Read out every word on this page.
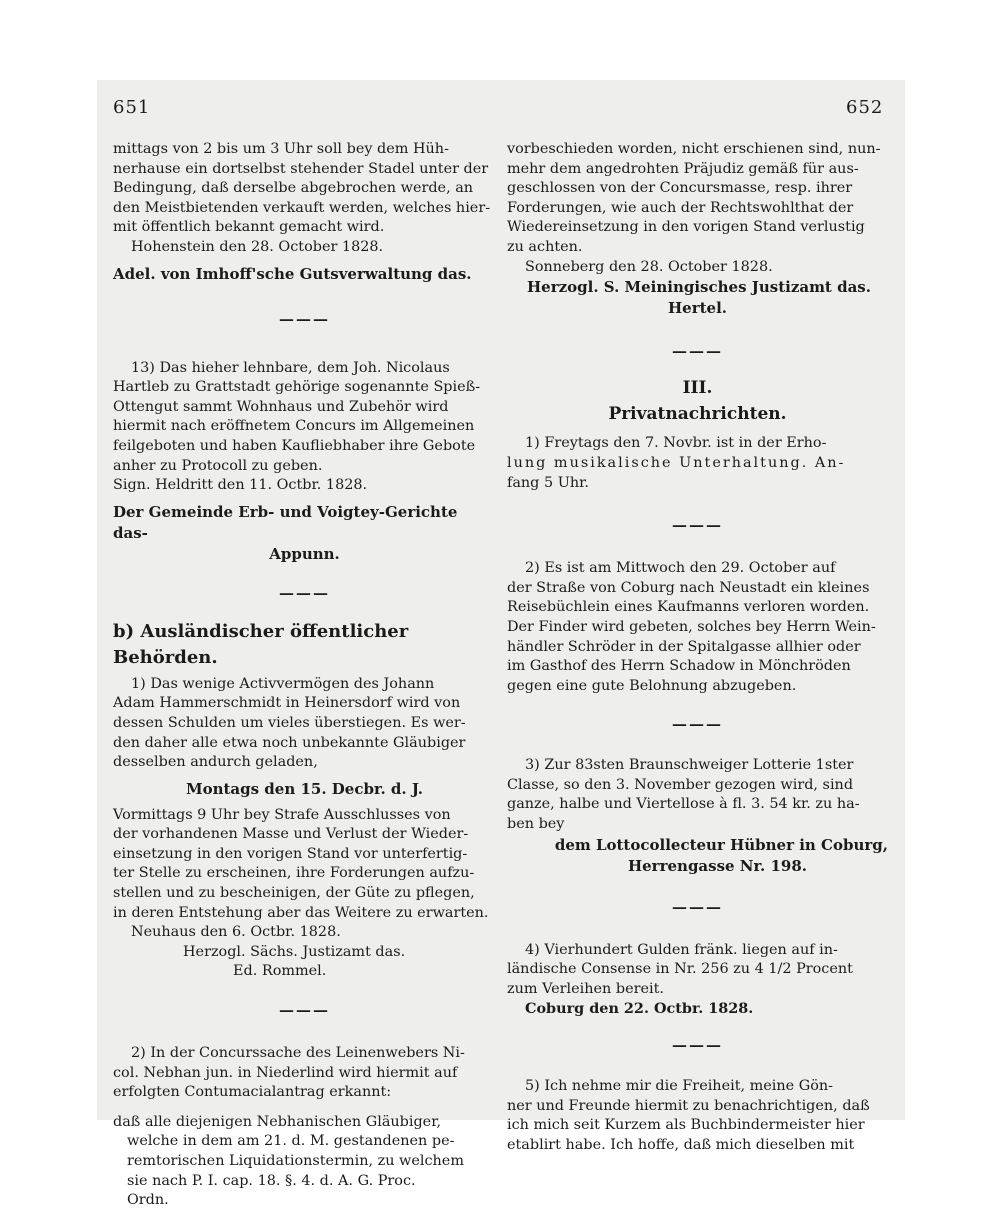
651	652

mittags von 2 bis um 3 Uhr soll bey dem Hüh-

nerhause ein dortselbst stehender Stadel unter der

Bedingung, daß derselbe abgebrochen werde, an

den Meistbietenden verkauft werden, welches hier-

mit öffentlich bekannt gemacht wird.

Hohenstein den 28. October 1828.

Adel. von Imhoff'sche Gutsverwaltung das.

———

13) Das hieher lehnbare, dem Joh. Nicolaus

Hartleb zu Grattstadt gehörige sogenannte Spieß-

Ottengut sammt Wohnhaus und Zubehör wird

hiermit nach eröffnetem Concurs im Allgemeinen

feilgeboten und haben Kaufliebhaber ihre Gebote

anher zu Protocoll zu geben.

Sign. Heldritt den 11. Octbr. 1828.

Der Gemeinde Erb- und Voigtey-Gerichte das-

Appunn.

———
b) Ausländischer öffentlicher Behörden.

1) Das wenige Activvermögen des Johann

Adam Hammerschmidt in Heinersdorf wird von

dessen Schulden um vieles überstiegen. Es wer-

den daher alle etwa noch unbekannte Gläubiger

desselben andurch geladen,

Montags den 15. Decbr. d. J.

Vormittags 9 Uhr bey Strafe Ausschlusses von

der vorhandenen Masse und Verlust der Wieder-

einsetzung in den vorigen Stand vor unterfertig-

ter Stelle zu erscheinen, ihre Forderungen aufzu-

stellen und zu bescheinigen, der Güte zu pflegen,

in deren Entstehung aber das Weitere zu erwarten.

Neuhaus den 6. Octbr. 1828.

Herzogl. Sächs. Justizamt das.

Ed. Rommel.

———

2) In der Concurssache des Leinenwebers Ni-

col. Nebhan jun. in Niederlind wird hiermit auf

erfolgten Contumacialantrag erkannt:

daß alle diejenigen Nebhanischen Gläubiger,

welche in dem am 21. d. M. gestandenen pe-

remtorischen Liquidationstermin, zu welchem

sie nach P. I. cap. 18. §. 4. d. A. G. Proc.

Ordn.

vorbeschieden worden, nicht erschienen sind, nun-

mehr dem angedrohten Präjudiz gemäß für aus-

geschlossen von der Concursmasse, resp. ihrer

Forderungen, wie auch der Rechtswohlthat der

Wiedereinsetzung in den vorigen Stand verlustig

zu achten.

Sonneberg den 28. October 1828.

Herzogl. S. Meiningisches Justizamt das.

Hertel.

———
III.
Privatnachrichten.

1) Freytags den 7. Novbr. ist in der Erho-

lung musikalische Unterhaltung. An-

fang 5 Uhr.

———

2) Es ist am Mittwoch den 29. October auf

der Straße von Coburg nach Neustadt ein kleines

Reisebüchlein eines Kaufmanns verloren worden.

Der Finder wird gebeten, solches bey Herrn Wein-

händler Schröder in der Spitalgasse allhier oder

im Gasthof des Herrn Schadow in Mönchröden

gegen eine gute Belohnung abzugeben.

———

3) Zur 83sten Braunschweiger Lotterie 1ster

Classe, so den 3. November gezogen wird, sind

ganze, halbe und Viertellose à fl. 3. 54 kr. zu ha-

ben bey

dem Lottocollecteur Hübner in Coburg,

Herrengasse Nr. 198.

———

4) Vierhundert Gulden fränk. liegen auf in-

ländische Consense in Nr. 256 zu 4 1/2 Procent

zum Verleihen bereit.

Coburg den 22. Octbr. 1828.

———

5) Ich nehme mir die Freiheit, meine Gön-

ner und Freunde hiermit zu benachrichtigen, daß

ich mich seit Kurzem als Buchbindermeister hier

etablirt habe. Ich hoffe, daß mich dieselben mit
